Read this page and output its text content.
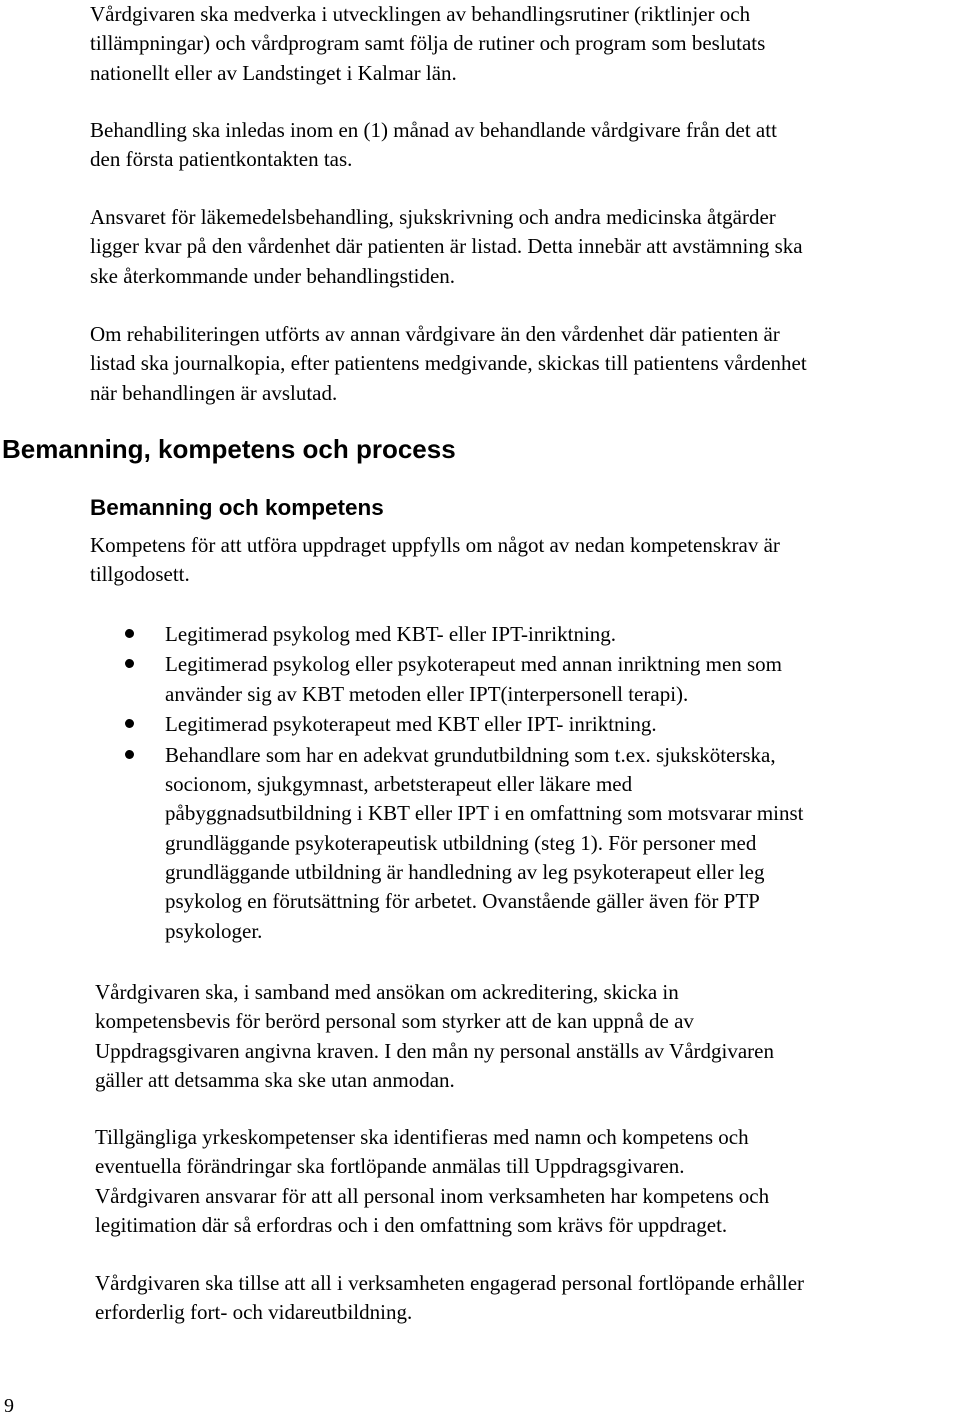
Vårdgivaren ska medverka i utvecklingen av behandlingsrutiner (riktlinjer och
tillämpningar) och vårdprogram samt följa de rutiner och program som beslutats
nationellt eller av Landstinget i Kalmar län.

Behandling ska inledas inom en (1) månad av behandlande vårdgivare från det att
den första patientkontakten tas.

Ansvaret för läkemedelsbehandling, sjukskrivning och andra medicinska åtgärder
ligger kvar på den vårdenhet där patienten är listad. Detta innebär att avstämning ska
ske återkommande under behandlingstiden.

Om rehabiliteringen utförts av annan vårdgivare än den vårdenhet där patienten är
listad ska journalkopia, efter patientens medgivande, skickas till patientens vårdenhet
när behandlingen är avslutad.

Bemanning, kompetens och process
Bemanning och kompetens

Kompetens för att utföra uppdraget uppfylls om något av nedan kompetenskrav är
tillgodosett.

Legitimerad psykolog med KBT- eller IPT-inriktning.
Legitimerad psykolog eller psykoterapeut med annan inriktning men som
använder sig av KBT metoden eller IPT(interpersonell terapi).
Legitimerad psykoterapeut med KBT eller IPT- inriktning.
Behandlare som har en adekvat grundutbildning som t.ex. sjuksköterska,
socionom, sjukgymnast, arbetsterapeut eller läkare med
påbyggnadsutbildning i KBT eller IPT i en omfattning som motsvarar minst
grundläggande psykoterapeutisk utbildning (steg 1). För personer med
grundläggande utbildning är handledning av leg psykoterapeut eller leg
psykolog en förutsättning för arbetet. Ovanstående gäller även för PTP
psykologer.

Vårdgivaren ska, i samband med ansökan om ackreditering, skicka in
kompetensbevis för berörd personal som styrker att de kan uppnå de av
Uppdragsgivaren angivna kraven. I den mån ny personal anställs av Vårdgivaren
gäller att detsamma ska ske utan anmodan.

Tillgängliga yrkeskompetenser ska identifieras med namn och kompetens och
eventuella förändringar ska fortlöpande anmälas till Uppdragsgivaren.
Vårdgivaren ansvarar för att all personal inom verksamheten har kompetens och
legitimation där så erfordras och i den omfattning som krävs för uppdraget.

Vårdgivaren ska tillse att all i verksamheten engagerad personal fortlöpande erhåller
erforderlig fort- och vidareutbildning.

9
